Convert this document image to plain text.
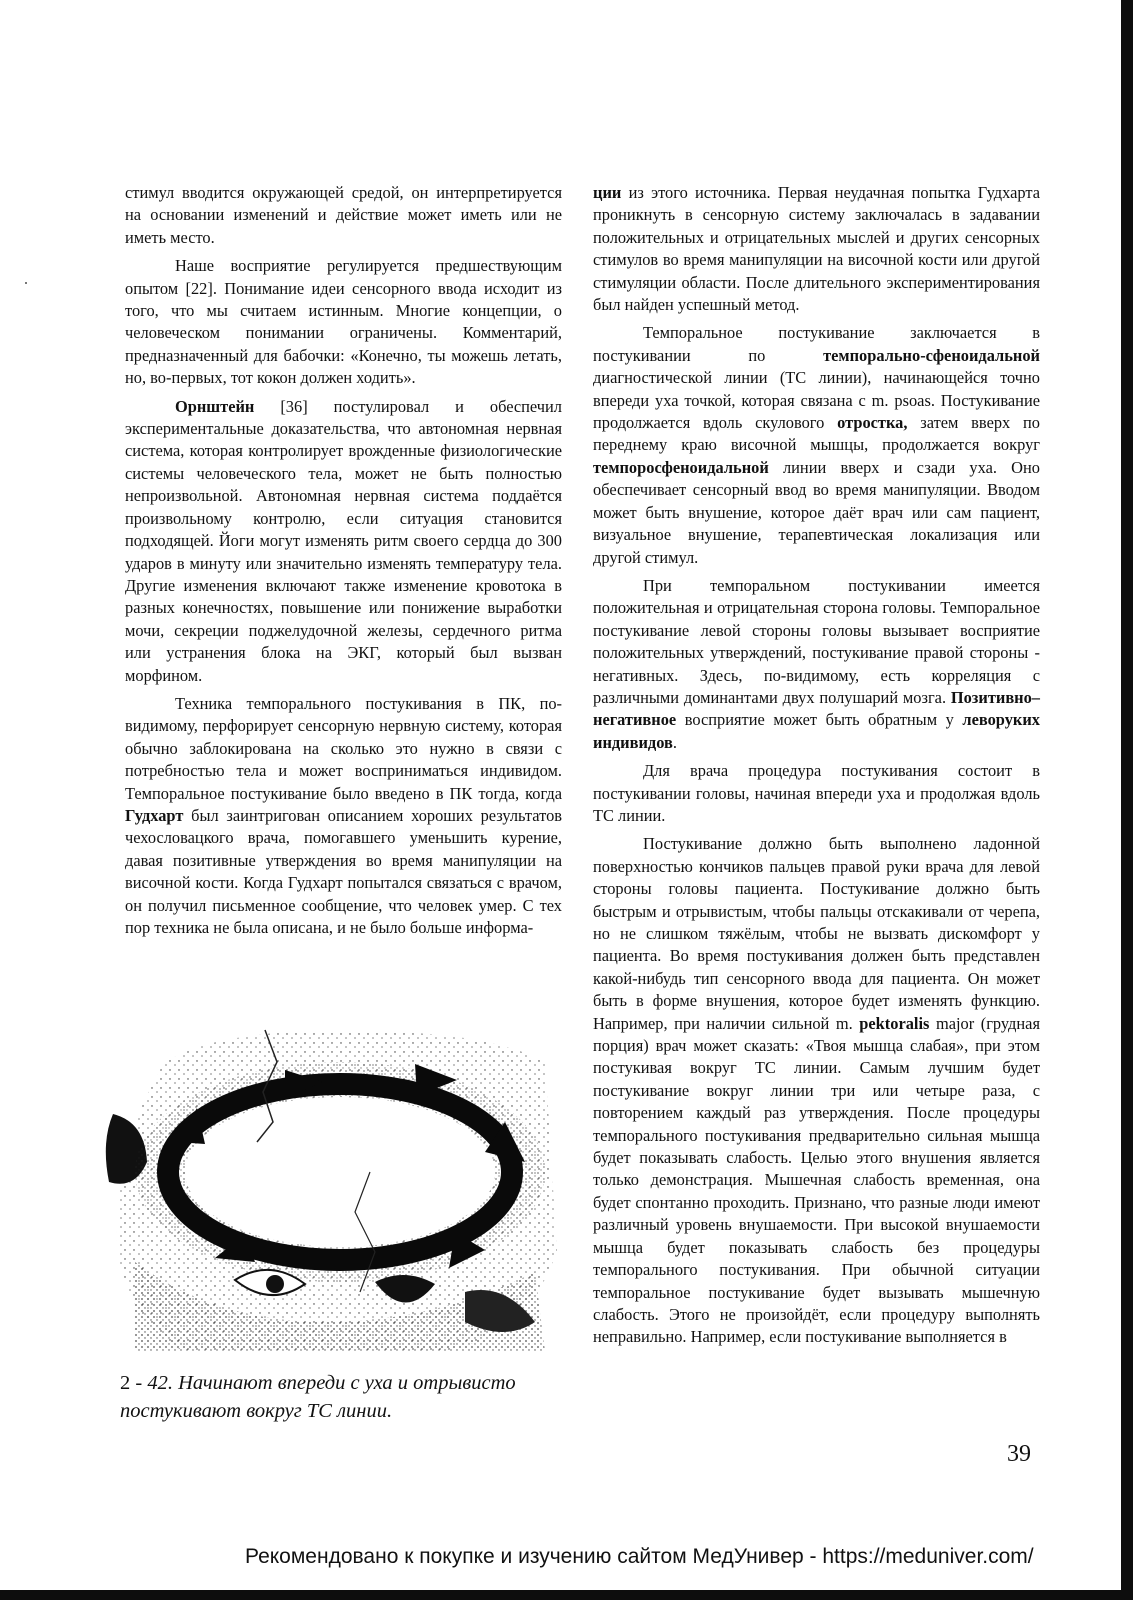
стимул вводится окружающей средой, он интерпретируется на основании изменений и действие может иметь или не иметь место.

Наше восприятие регулируется предшествующим опытом [22]. Понимание идеи сенсорного ввода исходит из того, что мы считаем истинным. Многие концепции, о человеческом понимании ограничены. Комментарий, предназначенный для бабочки: «Конечно, ты можешь летать, но, во-первых, тот кокон должен ходить».

Орнштейн [36] постулировал и обеспечил экспериментальные доказательства, что автономная нервная система, которая контролирует врожденные физиологические системы человеческого тела, может не быть полностью непроизвольной. Автономная нервная система поддаётся произвольному контролю, если ситуация становится подходящей. Йоги могут изменять ритм своего сердца до 300 ударов в минуту или значительно изменять температуру тела. Другие изменения включают также изменение кровотока в разных конечностях, повышение или понижение выработки мочи, секреции поджелудочной железы, сердечного ритма или устранения блока на ЭКГ, который был вызван морфином.

Техника темпорального постукивания в ПК, по-видимому, перфорирует сенсорную нервную систему, которая обычно заблокирована на сколько это нужно в связи с потребностью тела и может восприниматься индивидом. Темпоральное постукивание было введено в ПК тогда, когда Гудхарт был заинтригован описанием хороших результатов чехословацкого врача, помогавшего уменьшить курение, давая позитивные утверждения во время манипуляции на височной кости. Когда Гудхарт попытался связаться с врачом, он получил письменное сообщение, что человек умер. С тех пор техника не была описана, и не было больше информа-

2 - 42. Начинают впереди с уха и отрывисто постукивают вокруг ТС линии.

ции из этого источника. Первая неудачная попытка Гудхарта проникнуть в сенсорную систему заключалась в задавании положительных и отрицательных мыслей и других сенсорных стимулов во время манипуляции на височной кости или другой стимуляции области. После длительного экспериментирования был найден успешный метод.

Темпоральное постукивание заключается в постукивании по темпорально-сфеноидальной диагностической линии (ТС линии), начинающейся точно впереди уха точкой, которая связана с m. psoas. Постукивание продолжается вдоль скулового отростка, затем вверх по переднему краю височной мышцы, продолжается вокруг темпоросфеноидальной линии вверх и сзади уха. Оно обеспечивает сенсорный ввод во время манипуляции. Вводом может быть внушение, которое даёт врач или сам пациент, визуальное внушение, терапевтическая локализация или другой стимул.

При темпоральном постукивании имеется положительная и отрицательная сторона головы. Темпоральное постукивание левой стороны головы вызывает восприятие положительных утверждений, постукивание правой стороны - негативных. Здесь, по-видимому, есть корреляция с различными доминантами двух полушарий мозга. Позитивно–негативное восприятие может быть обратным у леворуких индивидов.

Для врача процедура постукивания состоит в постукивании головы, начиная впереди уха и продолжая вдоль ТС линии.

Постукивание должно быть выполнено ладонной поверхностью кончиков пальцев правой руки врача для левой стороны головы пациента. Постукивание должно быть быстрым и отрывистым, чтобы пальцы отскакивали от черепа, но не слишком тяжёлым, чтобы не вызвать дискомфорт у пациента. Во время постукивания должен быть представлен какой-нибудь тип сенсорного ввода для пациента. Он может быть в форме внушения, которое будет изменять функцию. Например, при наличии сильной m. pektoralis major (грудная порция) врач может сказать: «Твоя мышца слабая», при этом постукивая вокруг ТС линии. Самым лучшим будет постукивание вокруг линии три или четыре раза, с повторением каждый раз утверждения. После процедуры темпорального постукивания предварительно сильная мышца будет показывать слабость. Целью этого внушения является только демонстрация. Мышечная слабость временная, она будет спонтанно проходить. Признано, что разные люди имеют различный уровень внушаемости. При высокой внушаемости мышца будет показывать слабость без процедуры темпорального постукивания. При обычной ситуации темпоральное постукивание будет вызывать мышечную слабость. Этого не произойдёт, если процедуру выполнять неправильно. Например, если постукивание выполняется в

39
Рекомендовано к покупке и изучению сайтом МедУнивер - https://meduniver.com/
